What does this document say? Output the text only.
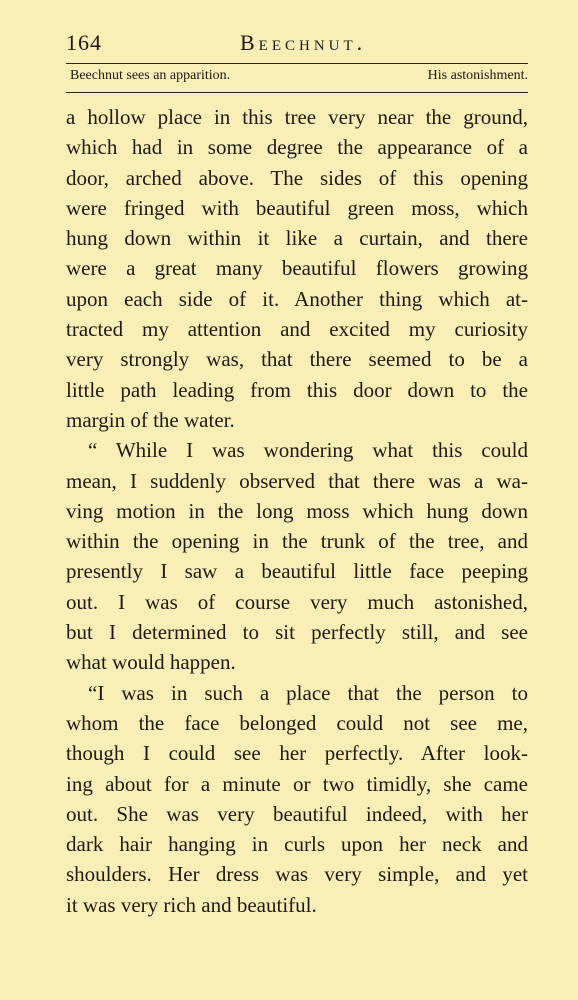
164	Beechnut.
Beechnut sees an apparition.	His astonishment.
a hollow place in this tree very near the ground,
which had in some degree the appearance of a
door, arched above. The sides of this opening
were fringed with beautiful green moss, which
hung down within it like a curtain, and there
were a great many beautiful flowers growing
upon each side of it. Another thing which at-
tracted my attention and excited my curiosity
very strongly was, that there seemed to be a
little path leading from this door down to the
margin of the water.
“ While I was wondering what this could
mean, I suddenly observed that there was a wa-
ving motion in the long moss which hung down
within the opening in the trunk of the tree, and
presently I saw a beautiful little face peeping
out. I was of course very much astonished,
but I determined to sit perfectly still, and see
what would happen.
“I was in such a place that the person to
whom the face belonged could not see me,
though I could see her perfectly. After look-
ing about for a minute or two timidly, she came
out. She was very beautiful indeed, with her
dark hair hanging in curls upon her neck and
shoulders. Her dress was very simple, and yet
it was very rich and beautiful.
